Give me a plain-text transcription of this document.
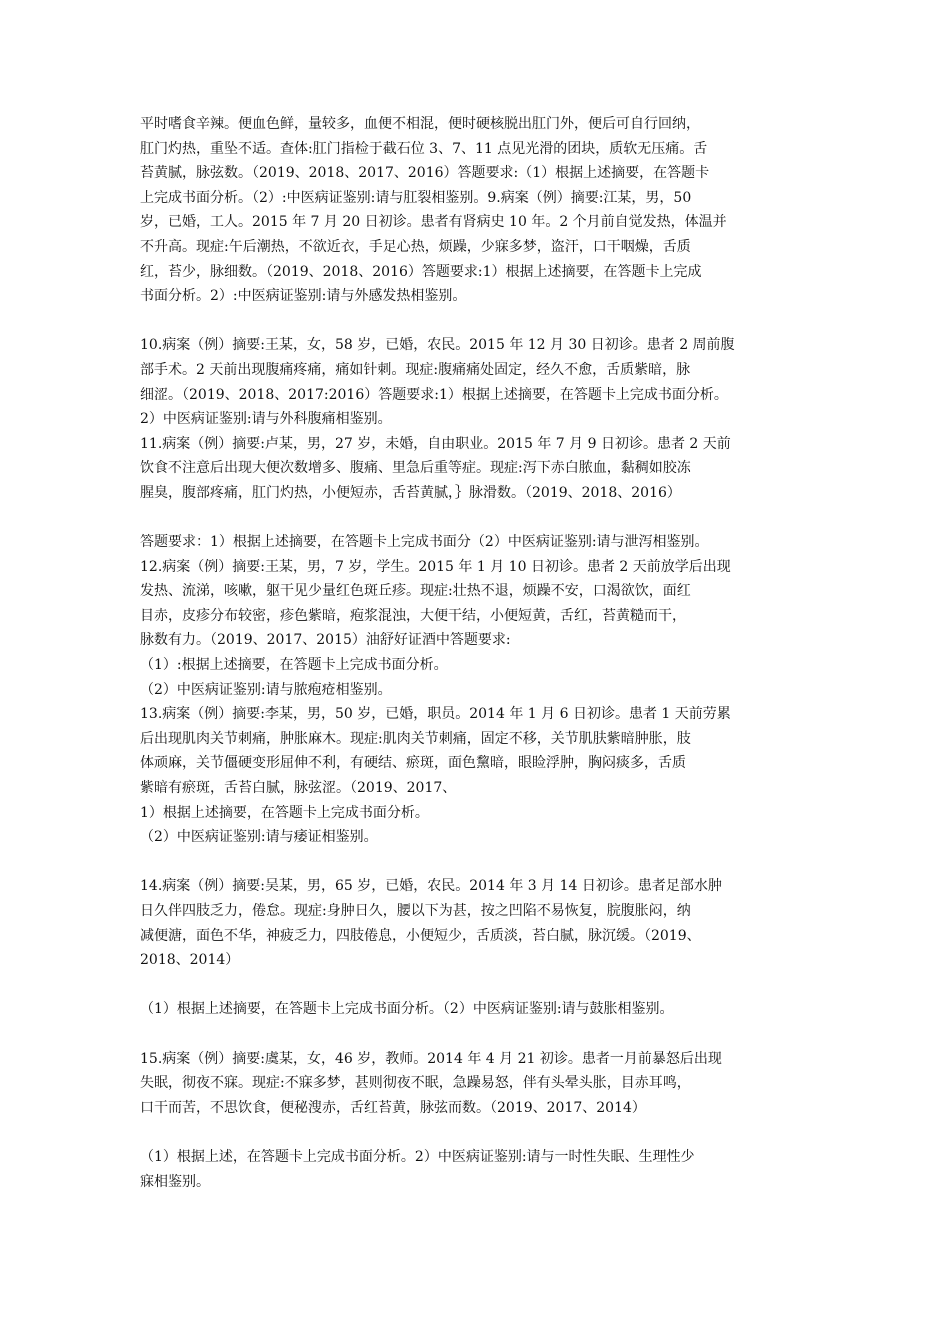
平时嗜食辛辣。便血色鲜，量较多，血便不相混，便时硬核脱出肛门外，便后可自行回纳，
肛门灼热，重坠不适。查体:肛门指检于截石位 3、7、11 点见光滑的团块，质软无压痛。舌
苔黄腻，脉弦数。（2019、2018、2017、2016）答题要求:（1）根据上述摘要，在答题卡
上完成书面分析。（2）:中医病证鉴别:请与肛裂相鉴别。9.病案（例）摘要:江某，男，50
岁，已婚，工人。2015 年 7 月 20 日初诊。患者有肾病史 10 年。2 个月前自觉发热，体温并
不升高。现症:午后潮热，不欲近衣，手足心热，烦躁，少寐多梦，盗汗，口干咽燥，舌质
红，苔少，脉细数。（2019、2018、2016）答题要求:1）根据上述摘要，在答题卡上完成
书面分析。2）:中医病证鉴别:请与外感发热相鉴别。
10.病案（例）摘要:王某，女，58 岁，已婚，农民。2015 年 12 月 30 日初诊。患者 2 周前腹
部手术。2 天前出现腹痛疼痛，痛如针刺。现症:腹痛痛处固定，经久不愈，舌质紫暗，脉
细涩。（2019、2018、2017:2016）答题要求:1）根据上述摘要，在答题卡上完成书面分析。
2）中医病证鉴别:请与外科腹痛相鉴别。
11.病案（例）摘要:卢某，男，27 岁，未婚，自由职业。2015 年 7 月 9 日初诊。患者 2 天前
饮食不注意后出现大便次数增多、腹痛、里急后重等症。现症:泻下赤白脓血，黏稠如胶冻
腥臭，腹部疼痛，肛门灼热，小便短赤，舌苔黄腻，｝脉滑数。（2019、2018、2016）
答题要求：1）根据上述摘要，在答题卡上完成书面分（2）中医病证鉴别:请与泄泻相鉴别。
12.病案（例）摘要:王某，男，7 岁，学生。2015 年 1 月 10 日初诊。患者 2 天前放学后出现
发热、流涕，咳嗽，躯干见少量红色斑丘疹。现症:壮热不退，烦躁不安，口渴欲饮，面红
目赤，皮疹分布较密，疹色紫暗，疱浆混浊，大便干结，小便短黄，舌红，苔黄糙而干，
脉数有力。（2019、2017、2015）油舒好证酒中答题要求:
（1）:根据上述摘要，在答题卡上完成书面分析。
（2）中医病证鉴别:请与脓疱疮相鉴别。
13.病案（例）摘要:李某，男，50 岁，已婚，职员。2014 年 1 月 6 日初诊。患者 1 天前劳累
后出现肌肉关节刺痛，肿胀麻木。现症:肌肉关节刺痛，固定不移，关节肌肤紫暗肿胀，肢
体顽麻，关节僵硬变形屈伸不利，有硬结、瘀斑，面色黧暗，眼睑浮肿，胸闷痰多，舌质
紫暗有瘀斑，舌苔白腻，脉弦涩。（2019、2017、
1）根据上述摘要，在答题卡上完成书面分析。
（2）中医病证鉴别:请与痿证相鉴别。
14.病案（例）摘要:吴某，男，65 岁，已婚，农民。2014 年 3 月 14 日初诊。患者足部水肿
日久伴四肢乏力，倦怠。现症:身肿日久，腰以下为甚，按之凹陷不易恢复，脘腹胀闷，纳
减便溏，面色不华，神疲乏力，四肢倦息，小便短少，舌质淡，苔白腻，脉沉缓。（2019、
2018、2014）
（1）根据上述摘要，在答题卡上完成书面分析。（2）中医病证鉴别:请与鼓胀相鉴别。
15.病案（例）摘要:虞某，女，46 岁，教师。2014 年 4 月 21 初诊。患者一月前暴怒后出现
失眠，彻夜不寐。现症:不寐多梦，甚则彻夜不眠，急躁易怒，伴有头晕头胀，目赤耳鸣，
口干而苦，不思饮食，便秘溲赤，舌红苔黄，脉弦而数。（2019、2017、2014）
（1）根据上述，在答题卡上完成书面分析。2）中医病证鉴别:请与一时性失眠、生理性少
寐相鉴别。
